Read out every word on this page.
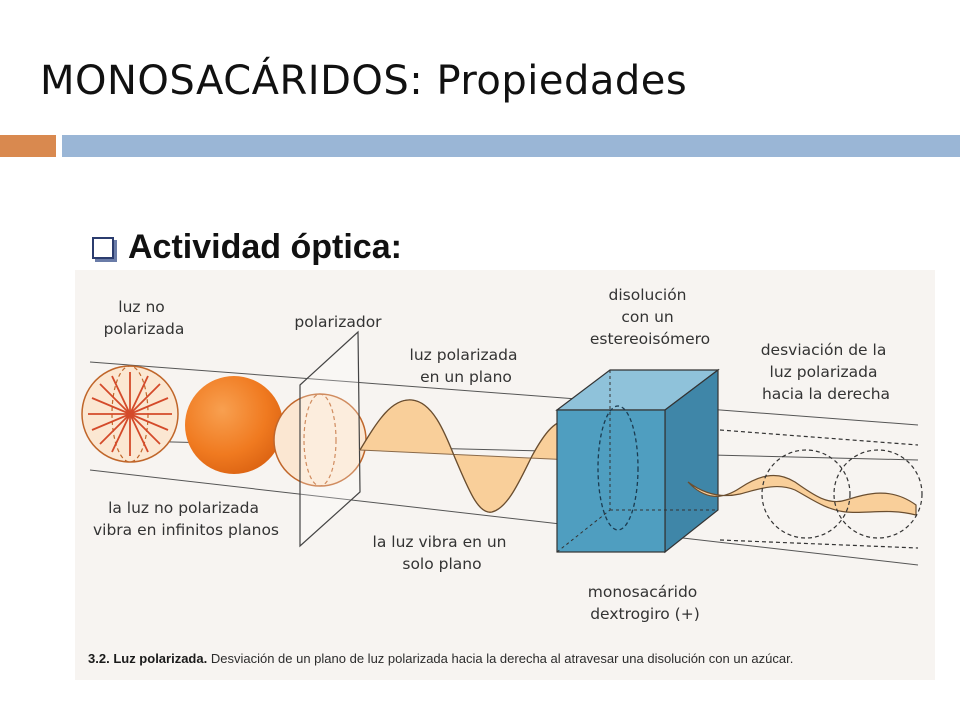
MONOSACÁRIDOS: Propiedades
Actividad óptica:
luz no polarizada	polarizador
luz polarizada en un plano
disolución con un estereoisómero
desviación de la luz polarizada hacia la derecha
la luz no polarizada vibra en infinitos planos
la luz vibra en un solo plano
monosacárido dextrogiro (+)
3.2. Luz polarizada. Desviación de un plano de luz polarizada hacia la derecha al atravesar una disolución con un azúcar.
